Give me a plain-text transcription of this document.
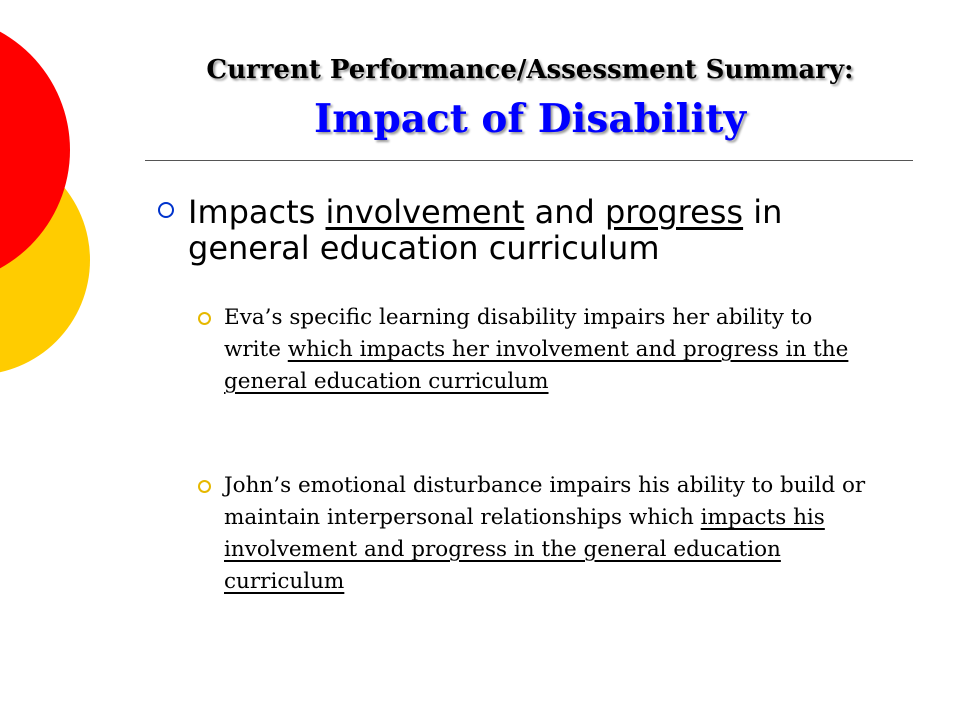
Current Performance/Assessment Summary:
Impact of Disability
Impacts involvement and progress in general education curriculum
Eva’s specific learning disability impairs her ability to write which impacts her involvement and progress in the general education curriculum
John’s emotional disturbance impairs his ability to build or maintain interpersonal relationships which impacts his involvement and progress in the general education curriculum
